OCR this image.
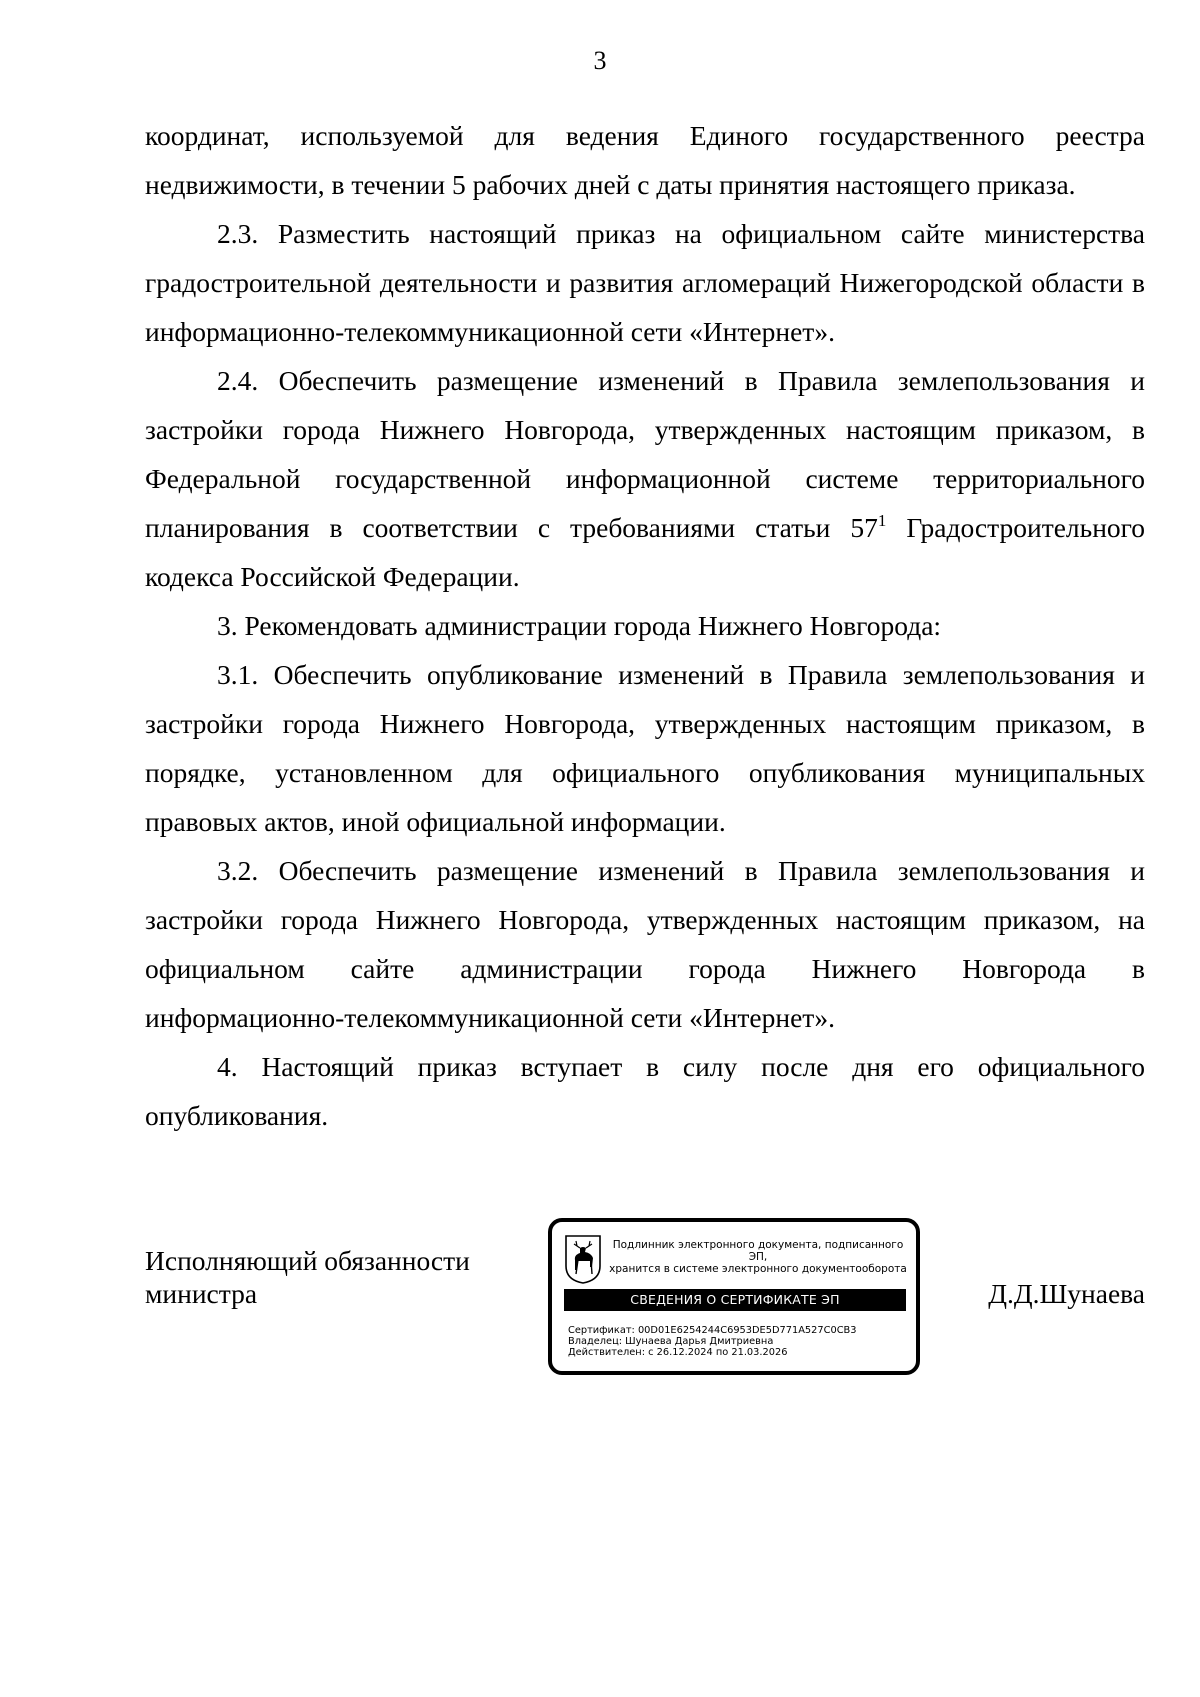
3

координат, используемой для ведения Единого государственного реестра недвижимости, в течении 5 рабочих дней с даты принятия настоящего приказа.

2.3. Разместить настоящий приказ на официальном сайте министерства градостроительной деятельности и развития агломераций Нижегородской области в информационно-телекоммуникационной сети «Интернет».

2.4. Обеспечить размещение изменений в Правила землепользования и застройки города Нижнего Новгорода, утвержденных настоящим приказом, в Федеральной государственной информационной системе территориального планирования в соответствии с требованиями статьи $57^1$ Градостроительного кодекса Российской Федерации.

3. Рекомендовать администрации города Нижнего Новгорода:

3.1. Обеспечить опубликование изменений в Правила землепользования и застройки города Нижнего Новгорода, утвержденных настоящим приказом, в порядке, установленном для официального опубликования муниципальных правовых актов, иной официальной информации.

3.2. Обеспечить размещение изменений в Правила землепользования и застройки города Нижнего Новгорода, утвержденных настоящим приказом, на официальном сайте администрации города Нижнего Новгорода в

информационно-телекоммуникационной сети «Интернет».

4. Настоящий приказ вступает в силу после дня его официального опубликования.

Исполняющий обязанности
министра
Подлинник электронного документа, подписанного ЭП,
хранится в системе электронного документооборота
СВЕДЕНИЯ О СЕРТИФИКАТЕ ЭП
Сертификат: 00D01E6254244C6953DE5D771A527C0CB3
Владелец: Шунаева Дарья Дмитриевна
Действителен: с 26.12.2024 по 21.03.2026
Д.Д.Шунаева
